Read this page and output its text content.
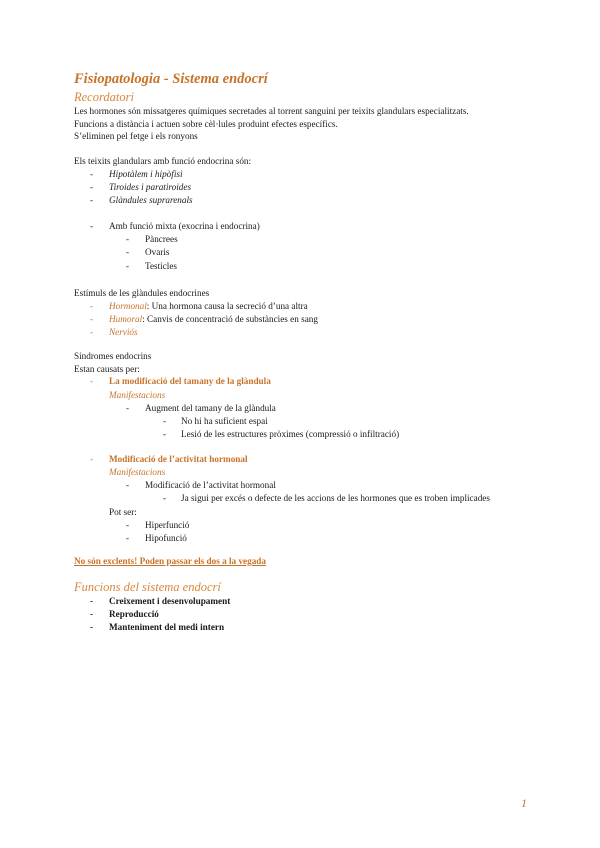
Fisiopatologia - Sistema endocrí
Recordatori
Les hormones són missatgeres químiques secretades al torrent sanguini per teixits glandulars especialitzats.
Funcions a distància i actuen sobre cèl·lules produint efectes específics.
S’eliminen pel fetge i els ronyons
Els teixits glandulars amb funció endocrina són:
- Hipotàlem i hipòfisi
- Tiroides i paratiroides
- Glàndules suprarenals
- Amb funció mixta (exocrina i endocrina)
- Pàncrees
- Ovaris
- Testicles
Estímuls de les glàndules endocrines
- Hormonal: Una hormona causa la secreció d’una altra
- Humoral: Canvis de concentració de substàncies en sang
- Nerviós
Síndromes endocrins
Estan causats per:
- La modificació del tamany de la glàndula
Manifestacions
- Augment del tamany de la glàndula
- No hi ha suficient espai
- Lesió de les estructures pròximes (compressió o infiltració)
- Modificació de l’activitat hormonal
Manifestacions
- Modificació de l’activitat hormonal
- Ja sigui per excés o defecte de les accions de les hormones que es troben implicades
Pot ser:
- Hiperfunció
- Hipofunció
No són exclents! Poden passar els dos a la vegada
Funcions del sistema endocrí
- Creixement i desenvolupament
- Reproducció
- Manteniment del medi intern
1
